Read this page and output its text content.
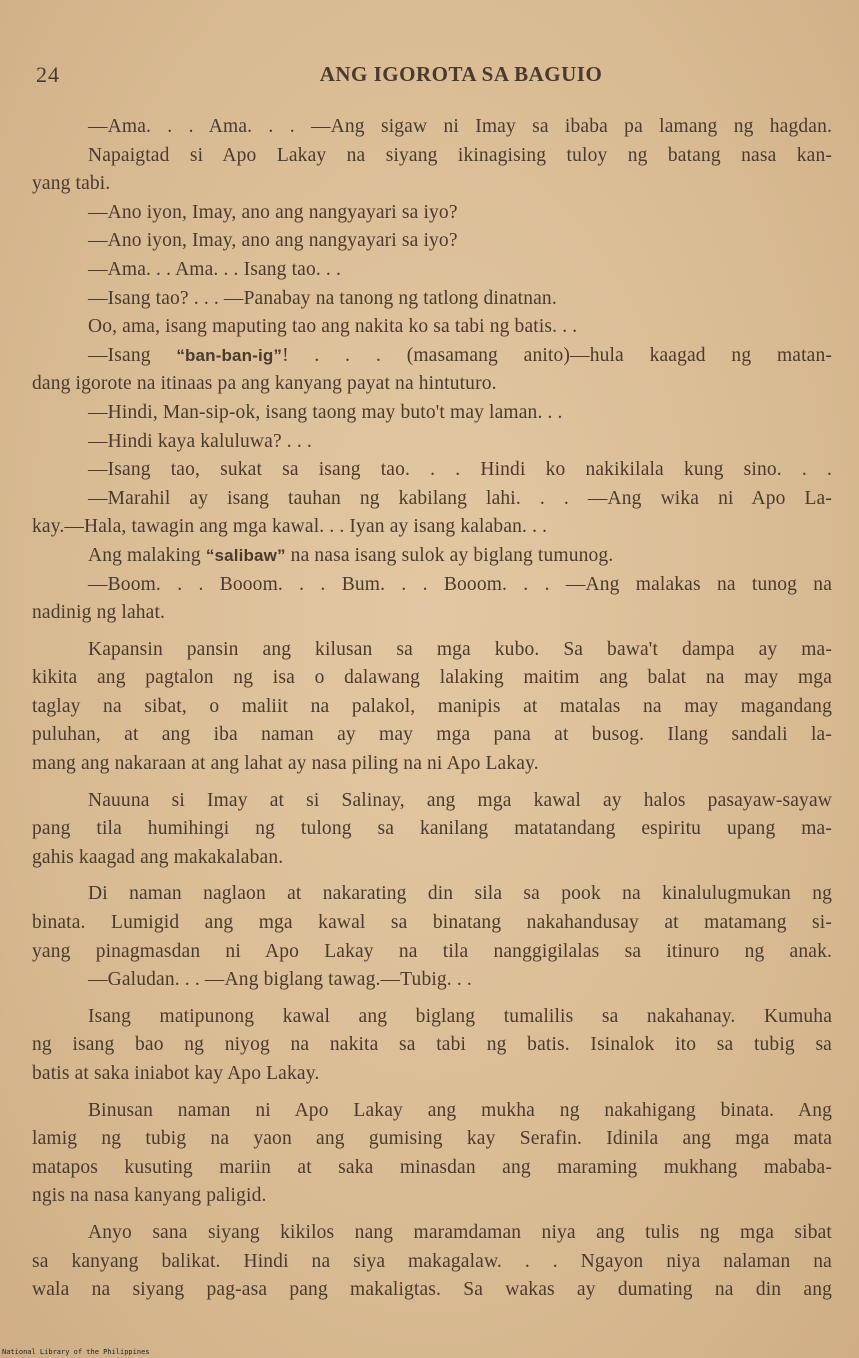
24	ANG IGOROTA SA BAGUIO
—Ama. . . Ama. . . —Ang sigaw ni Imay sa ibaba pa lamang ng hagdan.
Napaigtad si Apo Lakay na siyang ikinagising tuloy ng batang nasa kan-
yang tabi.
—Ano iyon, Imay, ano ang nangyayari sa iyo?
—Ano iyon, Imay, ano ang nangyayari sa iyo?
—Ama. . . Ama. . . Isang tao. . .
—Isang tao? . . . —Panabay na tanong ng tatlong dinatnan.
Oo, ama, isang maputing tao ang nakita ko sa tabi ng batis. . .
—Isang “ban-ban-ig”! . . . (masamang anito)—hula kaagad ng matan-
dang igorote na itinaas pa ang kanyang payat na hintuturo.
—Hindi, Man-sip-ok, isang taong may buto't may laman. . .
—Hindi kaya kaluluwa? . . .
—Isang tao, sukat sa isang tao. . . Hindi ko nakikilala kung sino. . .
—Marahil ay isang tauhan ng kabilang lahi. . . —Ang wika ni Apo La-
kay.—Hala, tawagin ang mga kawal. . . Iyan ay isang kalaban. . .
Ang malaking “salibaw” na nasa isang sulok ay biglang tumunog.
—Boom. . . Booom. . . Bum. . . Booom. . . —Ang malakas na tunog na
nadinig ng lahat.
Kapansin pansin ang kilusan sa mga kubo. Sa bawa't dampa ay ma-
kikita ang pagtalon ng isa o dalawang lalaking maitim ang balat na may mga
taglay na sibat, o maliit na palakol, manipis at matalas na may magandang
puluhan, at ang iba naman ay may mga pana at busog. Ilang sandali la-
mang ang nakaraan at ang lahat ay nasa piling na ni Apo Lakay.
Nauuna si Imay at si Salinay, ang mga kawal ay halos pasayaw-sayaw
pang tila humihingi ng tulong sa kanilang matatandang espiritu upang ma-
gahis kaagad ang makakalaban.
Di naman naglaon at nakarating din sila sa pook na kinalulugmukan ng
binata. Lumigid ang mga kawal sa binatang nakahandusay at matamang si-
yang pinagmasdan ni Apo Lakay na tila nanggigilalas sa itinuro ng anak.
—Galudan. . . —Ang biglang tawag.—Tubig. . .
Isang matipunong kawal ang biglang tumalilis sa nakahanay. Kumuha
ng isang bao ng niyog na nakita sa tabi ng batis. Isinalok ito sa tubig sa
batis at saka iniabot kay Apo Lakay.
Binusan naman ni Apo Lakay ang mukha ng nakahigang binata. Ang
lamig ng tubig na yaon ang gumising kay Serafin. Idinila ang mga mata
matapos kusuting mariin at saka minasdan ang maraming mukhang mababa-
ngis na nasa kanyang paligid.
Anyo sana siyang kikilos nang maramdaman niya ang tulis ng mga sibat
sa kanyang balikat. Hindi na siya makagalaw. . . Ngayon niya nalaman na
wala na siyang pag-asa pang makaligtas. Sa wakas ay dumating na din ang
National Library of the Philippines
